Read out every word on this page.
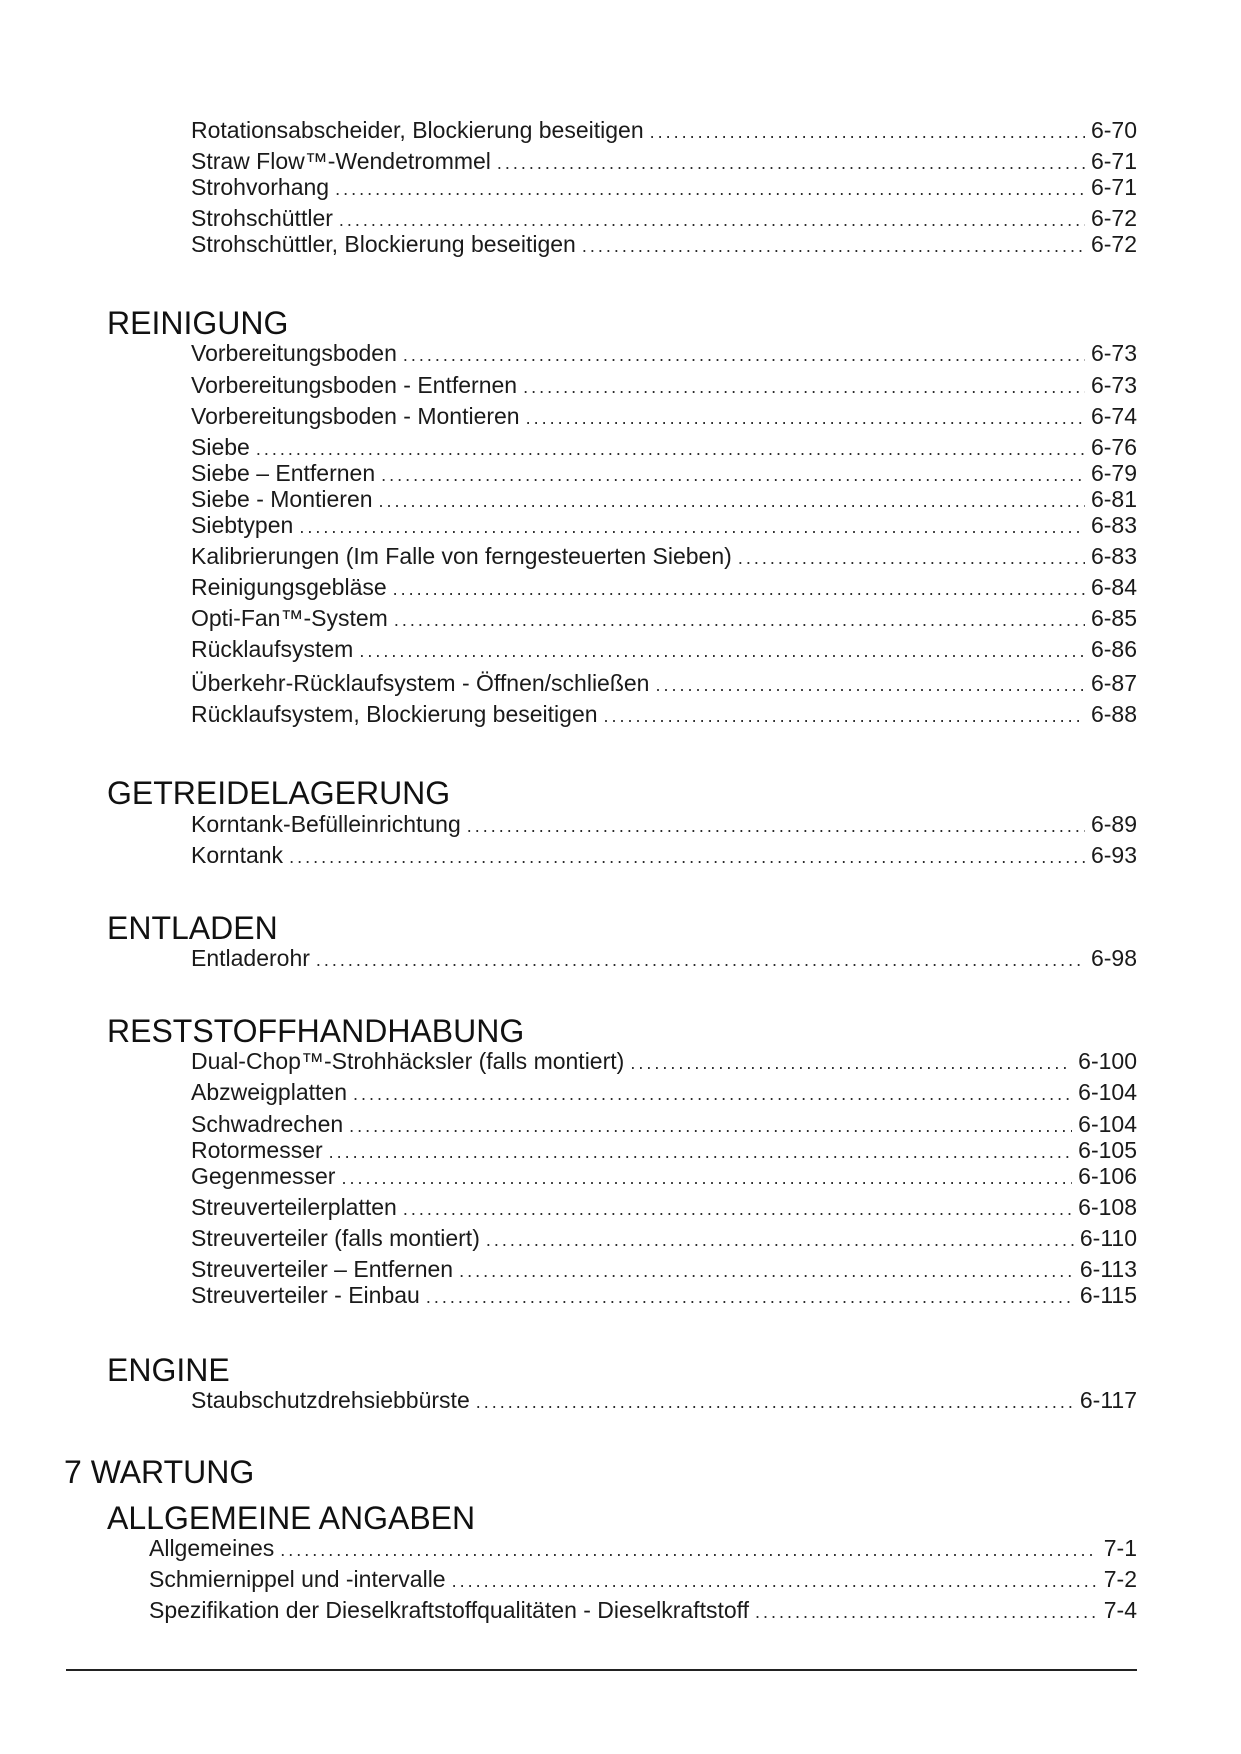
Rotationsabscheider, Blockierung beseitigen . . .	6-70
Straw Flow™-Wendetrommel . . .	6-71
Strohvorhang . . .	6-71
Strohschüttler . . .	6-72
Strohschüttler, Blockierung beseitigen . . .	6-72
REINIGUNG
Vorbereitungsboden . . .	6-73
Vorbereitungsboden - Entfernen . . .	6-73
Vorbereitungsboden - Montieren . . .	6-74
Siebe . . .	6-76
Siebe – Entfernen . . .	6-79
Siebe - Montieren . . .	6-81
Siebtypen . . .	6-83
Kalibrierungen (Im Falle von ferngesteuerten Sieben) . . .	6-83
Reinigungsgebläse . . .	6-84
Opti-Fan™-System . . .	6-85
Rücklaufsystem . . .	6-86
Überkehr-Rücklaufsystem - Öffnen/schließen . . .	6-87
Rücklaufsystem, Blockierung beseitigen . . .	6-88
GETREIDELAGERUNG
Korntank-Befülleinrichtung . . .	6-89
Korntank . . .	6-93
ENTLADEN
Entladerohr . . .	6-98
RESTSTOFFHANDHABUNG
Dual-Chop™-Strohhäcksler (falls montiert) . . .	6-100
Abzweigplatten . . .	6-104
Schwadrechen . . .	6-104
Rotormesser . . .	6-105
Gegenmesser . . .	6-106
Streuverteilerplatten . . .	6-108
Streuverteiler (falls montiert) . . .	6-110
Streuverteiler – Entfernen . . .	6-113
Streuverteiler - Einbau . . .	6-115
ENGINE
Staubschutzdrehsiebbürste . . .	6-117
7 WARTUNG
ALLGEMEINE ANGABEN
Allgemeines . . .	7-1
Schmiernippel und -intervalle . . .	7-2
Spezifikation der Dieselkraftstoffqualitäten - Dieselkraftstoff . . .	7-4
